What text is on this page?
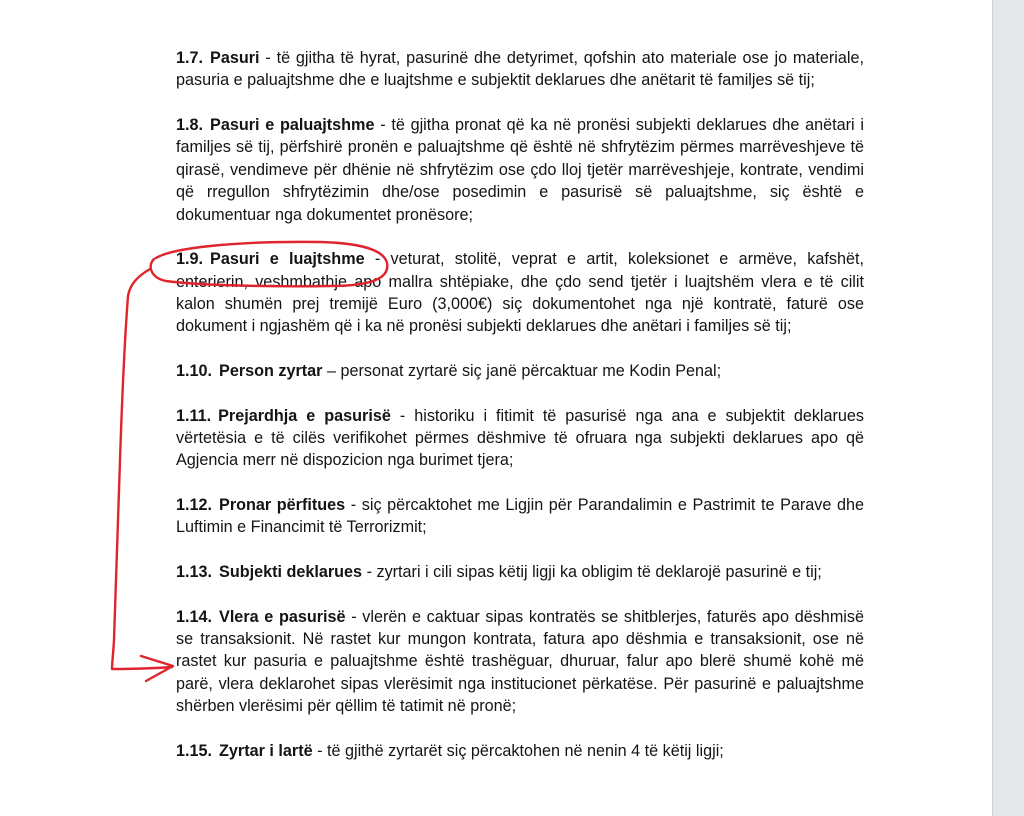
1.7. Pasuri - të gjitha të hyrat, pasurinë dhe detyrimet, qofshin ato materiale ose jo materiale, pasuria e paluajtshme dhe e luajtshme e subjektit deklarues dhe anëtarit të familjes së tij;

1.8. Pasuri e paluajtshme - të gjitha pronat që ka në pronësi subjekti deklarues dhe anëtari i familjes së tij, përfshirë pronën e paluajtshme që është në shfrytëzim përmes marrëveshjeve të qirasë, vendimeve për dhënie në shfrytëzim ose çdo lloj tjetër marrëveshjeje, kontrate, vendimi që rregullon shfrytëzimin dhe/ose posedimin e pasurisë së paluajtshme, siç është e dokumentuar nga dokumentet pronësore;

1.9. Pasuri e luajtshme - veturat, stolitë, veprat e artit, koleksionet e armëve, kafshët, enterierin, veshmbathje apo mallra shtëpiake, dhe çdo send tjetër i luajtshëm vlera e të cilit kalon shumën prej tremijë Euro (3,000€) siç dokumentohet nga një kontratë, faturë ose dokument i ngjashëm që i ka në pronësi subjekti deklarues dhe anëtari i familjes së tij;

1.10. Person zyrtar – personat zyrtarë siç janë përcaktuar me Kodin Penal;

1.11. Prejardhja e pasurisë - historiku i fitimit të pasurisë nga ana e subjektit deklarues vërtetësia e të cilës verifikohet përmes dëshmive të ofruara nga subjekti deklarues apo që Agjencia merr në dispozicion nga burimet tjera;

1.12. Pronar përfitues - siç përcaktohet me Ligjin për Parandalimin e Pastrimit te Parave dhe Luftimin e Financimit të Terrorizmit;

1.13. Subjekti deklarues - zyrtari i cili sipas këtij ligji ka obligim të deklarojë pasurinë e tij;

1.14. Vlera e pasurisë - vlerën e caktuar sipas kontratës se shitblerjes, faturës apo dëshmisë se transaksionit. Në rastet kur mungon kontrata, fatura apo dëshmia e transaksionit, ose në rastet kur pasuria e paluajtshme është trashëguar, dhuruar, falur apo blerë shumë kohë më parë, vlera deklarohet sipas vlerësimit nga institucionet përkatëse. Për pasurinë e paluajtshme shërben vlerësimi për qëllim të tatimit në pronë;

1.15. Zyrtar i lartë - të gjithë zyrtarët siç përcaktohen në nenin 4 të këtij ligji;
